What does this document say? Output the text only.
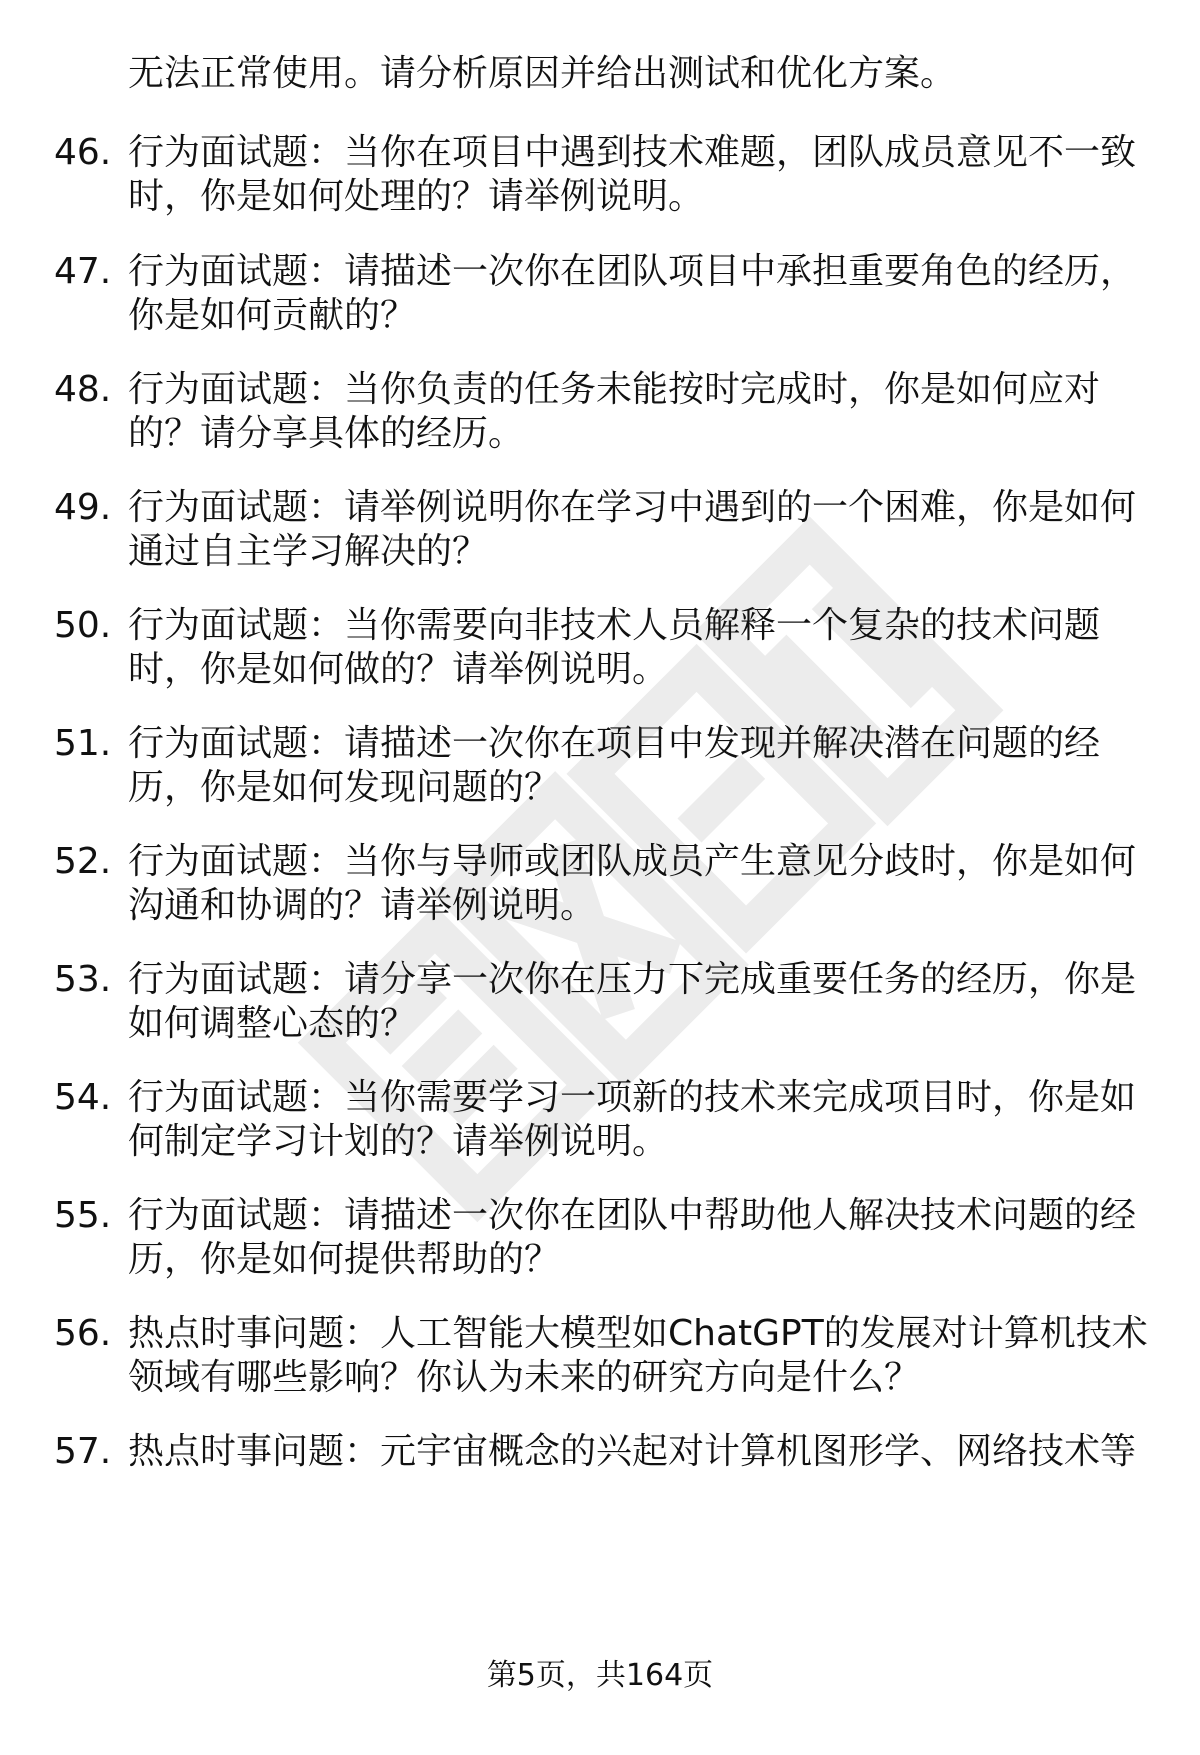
无法正常使用。请分析原因并给出测试和优化方案。
46. 行为面试题：当你在项目中遇到技术难题，团队成员意见不一致
时，你是如何处理的？请举例说明。
47. 行为面试题：请描述一次你在团队项目中承担重要角色的经历，
你是如何贡献的？
48. 行为面试题：当你负责的任务未能按时完成时，你是如何应对
的？请分享具体的经历。
49. 行为面试题：请举例说明你在学习中遇到的一个困难，你是如何
通过自主学习解决的？
50. 行为面试题：当你需要向非技术人员解释一个复杂的技术问题
时，你是如何做的？请举例说明。
51. 行为面试题：请描述一次你在项目中发现并解决潜在问题的经
历，你是如何发现问题的？
52. 行为面试题：当你与导师或团队成员产生意见分歧时，你是如何
沟通和协调的？请举例说明。
53. 行为面试题：请分享一次你在压力下完成重要任务的经历，你是
如何调整心态的？
54. 行为面试题：当你需要学习一项新的技术来完成项目时，你是如
何制定学习计划的？请举例说明。
55. 行为面试题：请描述一次你在团队中帮助他人解决技术问题的经
历，你是如何提供帮助的？
56. 热点时事问题：人工智能大模型如ChatGPT的发展对计算机技术
领域有哪些影响？你认为未来的研究方向是什么？
57. 热点时事问题：元宇宙概念的兴起对计算机图形学、网络技术等
第5页，共164页
